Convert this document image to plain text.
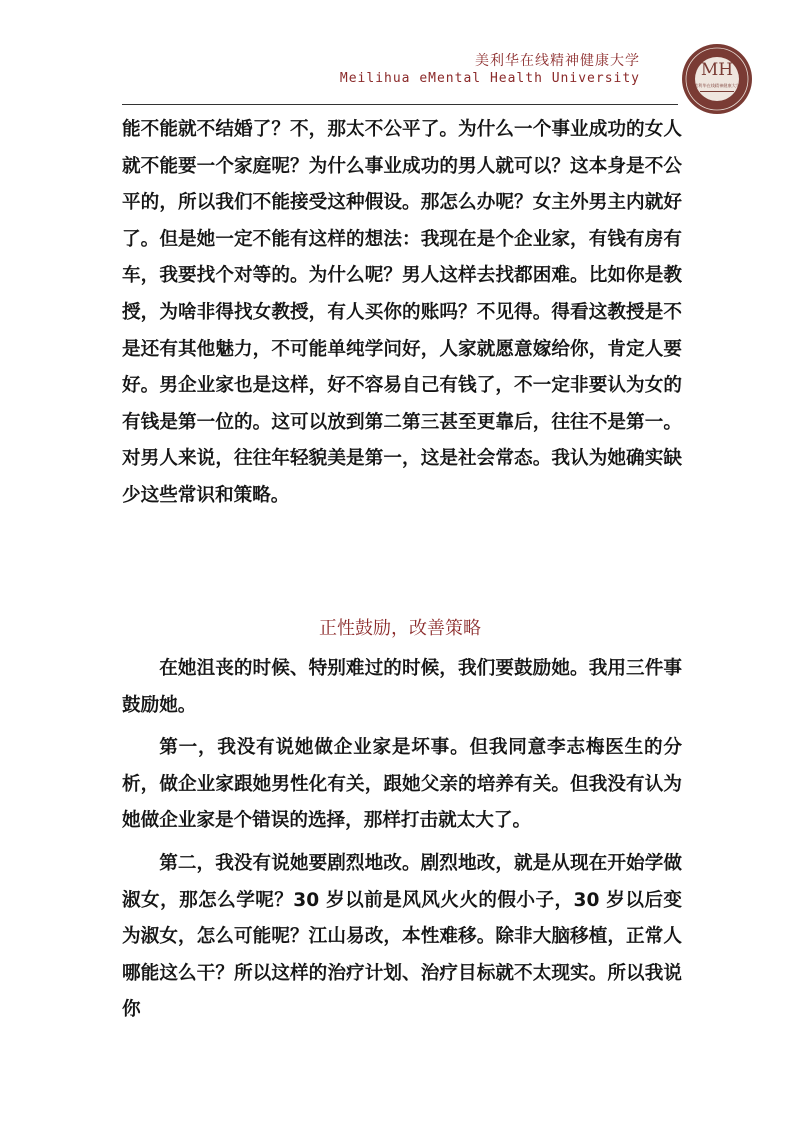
美利华在线精神健康大学
Meilihua eMental Health University	MH
美利华在线精神健康大学

能不能就不结婚了？不，那太不公平了。为什么一个事业成功的女人就不能要一个家庭呢？为什么事业成功的男人就可以？这本身是不公平的，所以我们不能接受这种假设。那怎么办呢？女主外男主内就好了。但是她一定不能有这样的想法：我现在是个企业家，有钱有房有车，我要找个对等的。为什么呢？男人这样去找都困难。比如你是教授，为啥非得找女教授，有人买你的账吗？不见得。得看这教授是不是还有其他魅力，不可能单纯学问好，人家就愿意嫁给你，肯定人要好。男企业家也是这样，好不容易自己有钱了，不一定非要认为女的有钱是第一位的。这可以放到第二第三甚至更靠后，往往不是第一。对男人来说，往往年轻貌美是第一，这是社会常态。我认为她确实缺少这些常识和策略。

正性鼓励，改善策略

在她沮丧的时候、特别难过的时候，我们要鼓励她。我用三件事鼓励她。

第一，我没有说她做企业家是坏事。但我同意李志梅医生的分析，做企业家跟她男性化有关，跟她父亲的培养有关。但我没有认为她做企业家是个错误的选择，那样打击就太大了。

第二，我没有说她要剧烈地改。剧烈地改，就是从现在开始学做淑女，那怎么学呢？30 岁以前是风风火火的假小子，30 岁以后变为淑女，怎么可能呢？江山易改，本性难移。除非大脑移植，正常人哪能这么干？所以这样的治疗计划、治疗目标就不太现实。所以我说你
